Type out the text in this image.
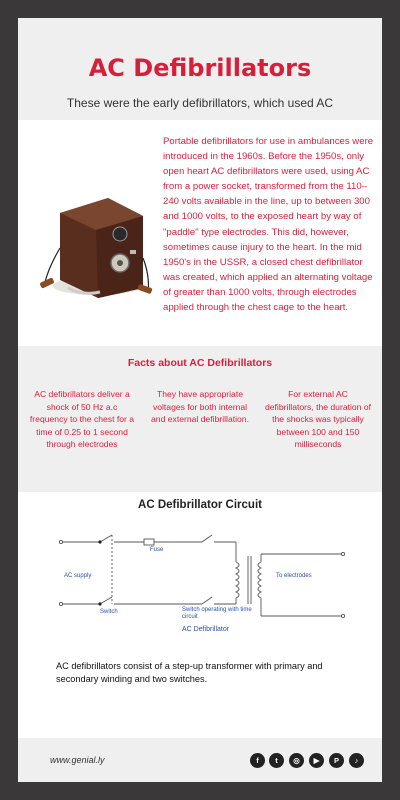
AC Defibrillators
These were the early defibrillators, which used AC
Portable defibrillators for use in ambulances were introduced in the 1960s. Before the 1950s, only open heart AC defibrillators were used, using AC from a power socket, transformed from the 110–240 volts available in the line, up to between 300 and 1000 volts, to the exposed heart by way of "paddle" type electrodes. This did, however, sometimes cause injury to the heart. In the mid 1950's in the USSR, a closed chest defibrillator was created, which applied an alternating voltage of greater than 1000 volts, through electrodes applied through the chest cage to the heart.
Facts about AC Defibrillators
AC defibrillators deliver a shock of 50 Hz a.c frequency to the chest for a time of 0.25 to 1 second through electrodes
They have appropriate voltages for both internal and external defibrillation.
For external AC defibrillators, the duration of the shocks was typically between 100 and 150 milliseconds
AC Defibrillator Circuit
AC supply
Fuse
Switch	Switch operating with time circuit
To electrodes
AC Defibrillator
AC defibrillators consist of a step-up transformer with primary and secondary winding and two switches.
www.genial.ly	f	t	◎	▶	P	♪
